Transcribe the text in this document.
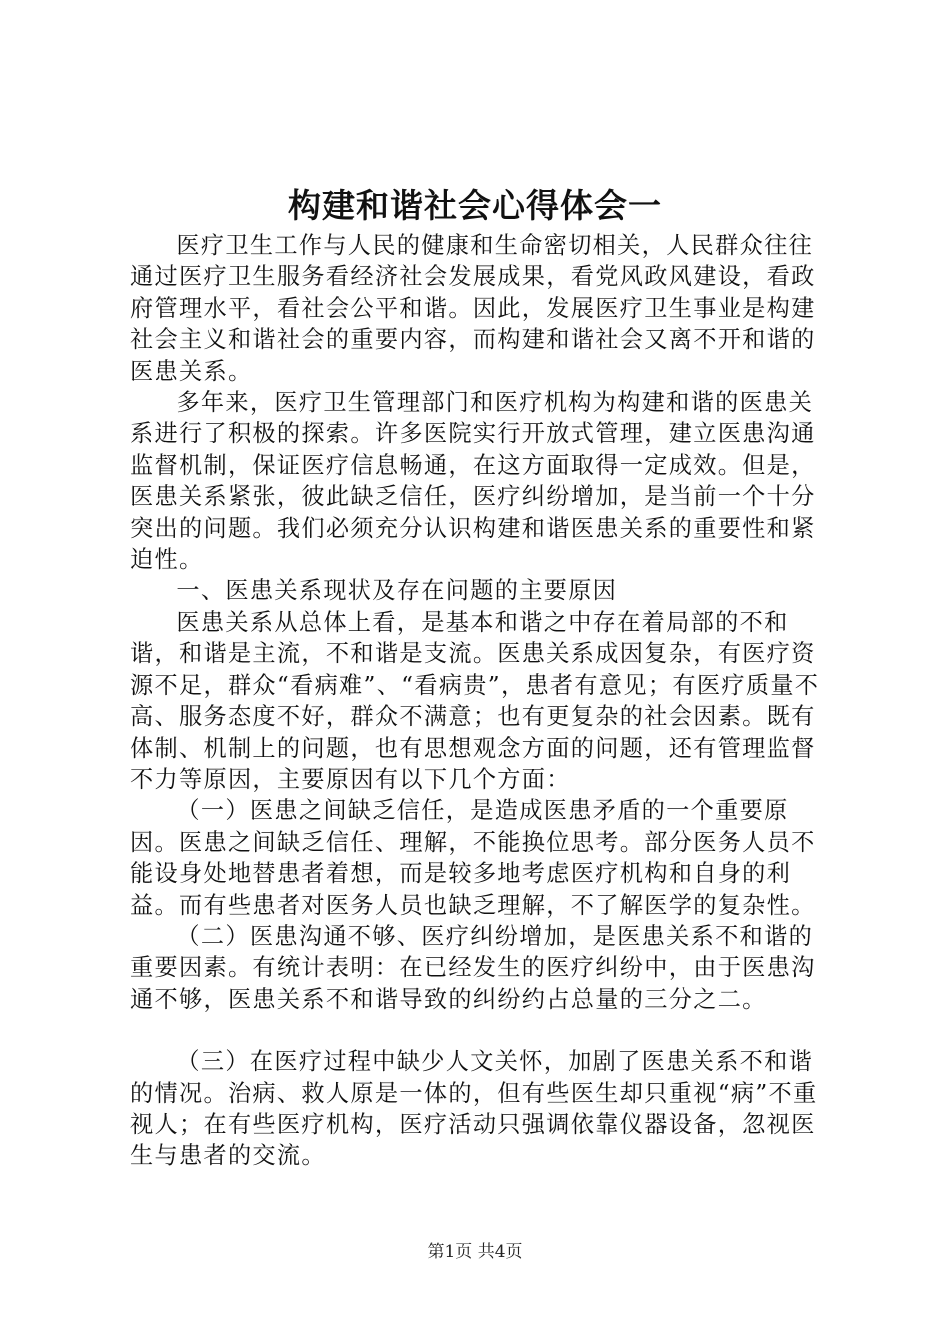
构建和谐社会心得体会一

医疗卫生工作与人民的健康和生命密切相关，人民群众往往通过医疗卫生服务看经济社会发展成果，看党风政风建设，看政府管理水平，看社会公平和谐。因此，发展医疗卫生事业是构建社会主义和谐社会的重要内容，而构建和谐社会又离不开和谐的医患关系。

多年来，医疗卫生管理部门和医疗机构为构建和谐的医患关系进行了积极的探索。许多医院实行开放式管理，建立医患沟通监督机制，保证医疗信息畅通，在这方面取得一定成效。但是，医患关系紧张，彼此缺乏信任，医疗纠纷增加，是当前一个十分突出的问题。我们必须充分认识构建和谐医患关系的重要性和紧迫性。

一、医患关系现状及存在问题的主要原因

医患关系从总体上看，是基本和谐之中存在着局部的不和谐，和谐是主流，不和谐是支流。医患关系成因复杂，有医疗资源不足，群众“看病难”、“看病贵”，患者有意见；有医疗质量不高、服务态度不好，群众不满意；也有更复杂的社会因素。既有体制、机制上的问题，也有思想观念方面的问题，还有管理监督不力等原因，主要原因有以下几个方面：

（一）医患之间缺乏信任，是造成医患矛盾的一个重要原因。医患之间缺乏信任、理解，不能换位思考。部分医务人员不能设身处地替患者着想，而是较多地考虑医疗机构和自身的利益。而有些患者对医务人员也缺乏理解，不了解医学的复杂性。

（二）医患沟通不够、医疗纠纷增加，是医患关系不和谐的重要因素。有统计表明：在已经发生的医疗纠纷中，由于医患沟通不够，医患关系不和谐导致的纠纷约占总量的三分之二。

（三）在医疗过程中缺少人文关怀，加剧了医患关系不和谐的情况。治病、救人原是一体的，但有些医生却只重视“病”不重视人；在有些医疗机构，医疗活动只强调依靠仪器设备，忽视医生与患者的交流。

第1页 共4页
